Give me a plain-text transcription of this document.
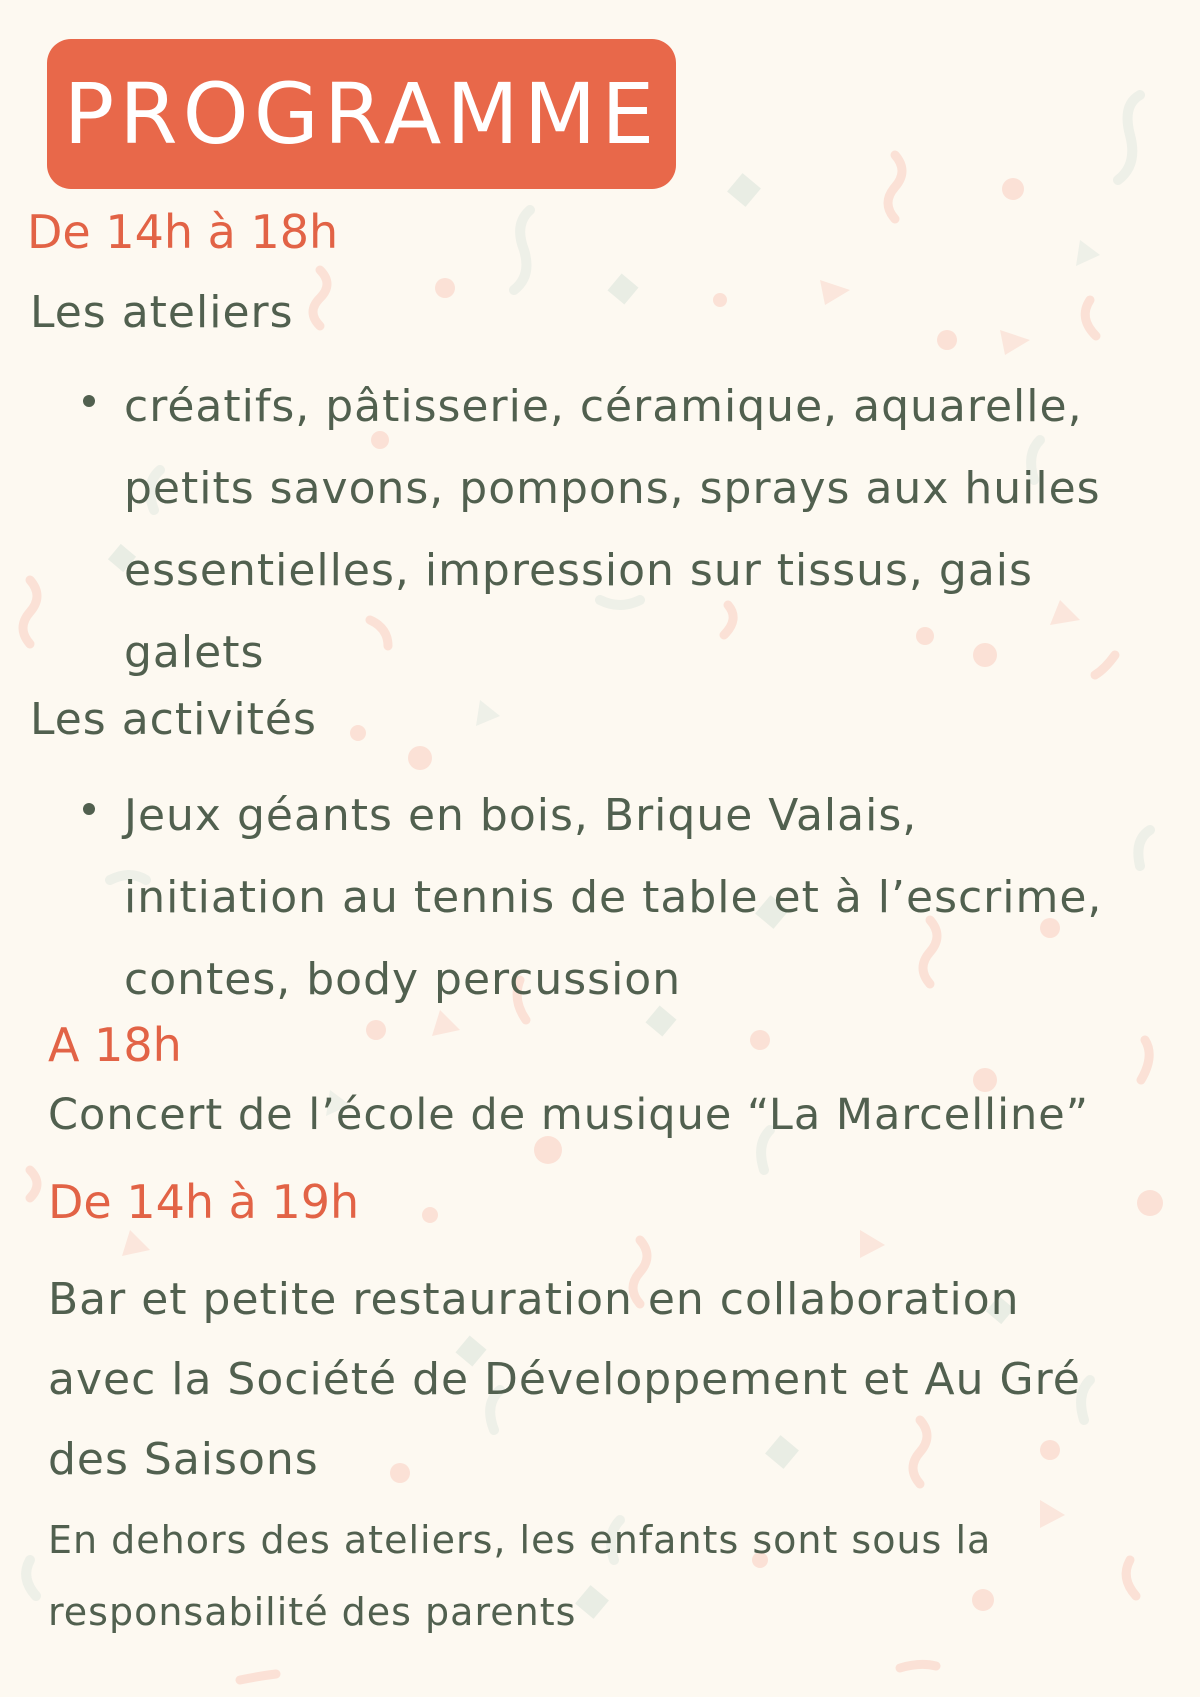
PROGRAMME
De 14h à 18h
Les ateliers
créatifs, pâtisserie, céramique, aquarelle,
petits savons, pompons, sprays aux huiles
essentielles, impression sur tissus, gais
galets
Les activités
Jeux géants en bois, Brique Valais,
initiation au tennis de table et à l’escrime,
contes, body percussion
A 18h
Concert de l’école de musique “La Marcelline”
De 14h à 19h
Bar et petite restauration en collaboration
avec la Société de Développement et Au Gré
des Saisons
En dehors des ateliers, les enfants sont sous la
responsabilité des parents
